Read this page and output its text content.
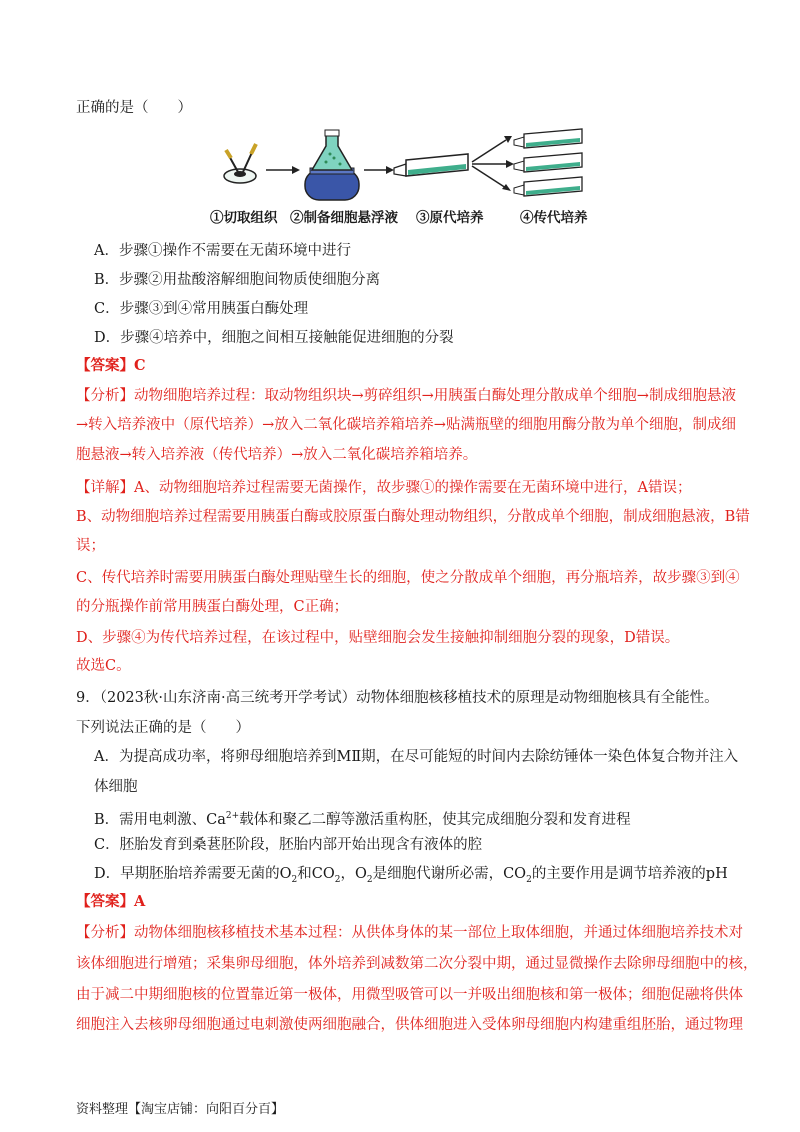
正确的是（　　）
①切取组织 ②制备细胞悬浮液 ③原代培养	④传代培养
A．步骤①操作不需要在无菌环境中进行
B．步骤②用盐酸溶解细胞间物质使细胞分离
C．步骤③到④常用胰蛋白酶处理
D．步骤④培养中，细胞之间相互接触能促进细胞的分裂
【答案】C
【分析】动物细胞培养过程：取动物组织块→剪碎组织→用胰蛋白酶处理分散成单个细胞→制成细胞悬液
→转入培养液中（原代培养）→放入二氧化碳培养箱培养→贴满瓶壁的细胞用酶分散为单个细胞，制成细
胞悬液→转入培养液（传代培养）→放入二氧化碳培养箱培养。
【详解】A、动物细胞培养过程需要无菌操作，故步骤①的操作需要在无菌环境中进行，A错误；
B、动物细胞培养过程需要用胰蛋白酶或胶原蛋白酶处理动物组织，分散成单个细胞，制成细胞悬液，B错
误；
C、传代培养时需要用胰蛋白酶处理贴壁生长的细胞，使之分散成单个细胞，再分瓶培养，故步骤③到④
的分瓶操作前常用胰蛋白酶处理，C正确；
D、步骤④为传代培养过程，在该过程中，贴壁细胞会发生接触抑制细胞分裂的现象，D错误。
故选C。
9．（2023秋·山东济南·高三统考开学考试）动物体细胞核移植技术的原理是动物细胞核具有全能性。
下列说法正确的是（　　）
A．为提高成功率，将卵母细胞培养到MⅡ期，在尽可能短的时间内去除纺锤体一染色体复合物并注入
体细胞
B．需用电刺激、$Ca^{2+}$载体和聚乙二醇等激活重构胚，使其完成细胞分裂和发育进程
C．胚胎发育到桑葚胚阶段，胚胎内部开始出现含有液体的腔
D．早期胚胎培养需要无菌的$O_2$和$CO_2$，$O_2$是细胞代谢所必需，$CO_2$的主要作用是调节培养液的pH
【答案】A
【分析】动物体细胞核移植技术基本过程：从供体身体的某一部位上取体细胞，并通过体细胞培养技术对
该体细胞进行增殖；采集卵母细胞，体外培养到减数第二次分裂中期，通过显微操作去除卵母细胞中的核，
由于减二中期细胞核的位置靠近第一极体，用微型吸管可以一并吸出细胞核和第一极体；细胞促融将供体
细胞注入去核卵母细胞通过电刺激使两细胞融合，供体细胞进入受体卵母细胞内构建重组胚胎，通过物理
资料整理【淘宝店铺：向阳百分百】
